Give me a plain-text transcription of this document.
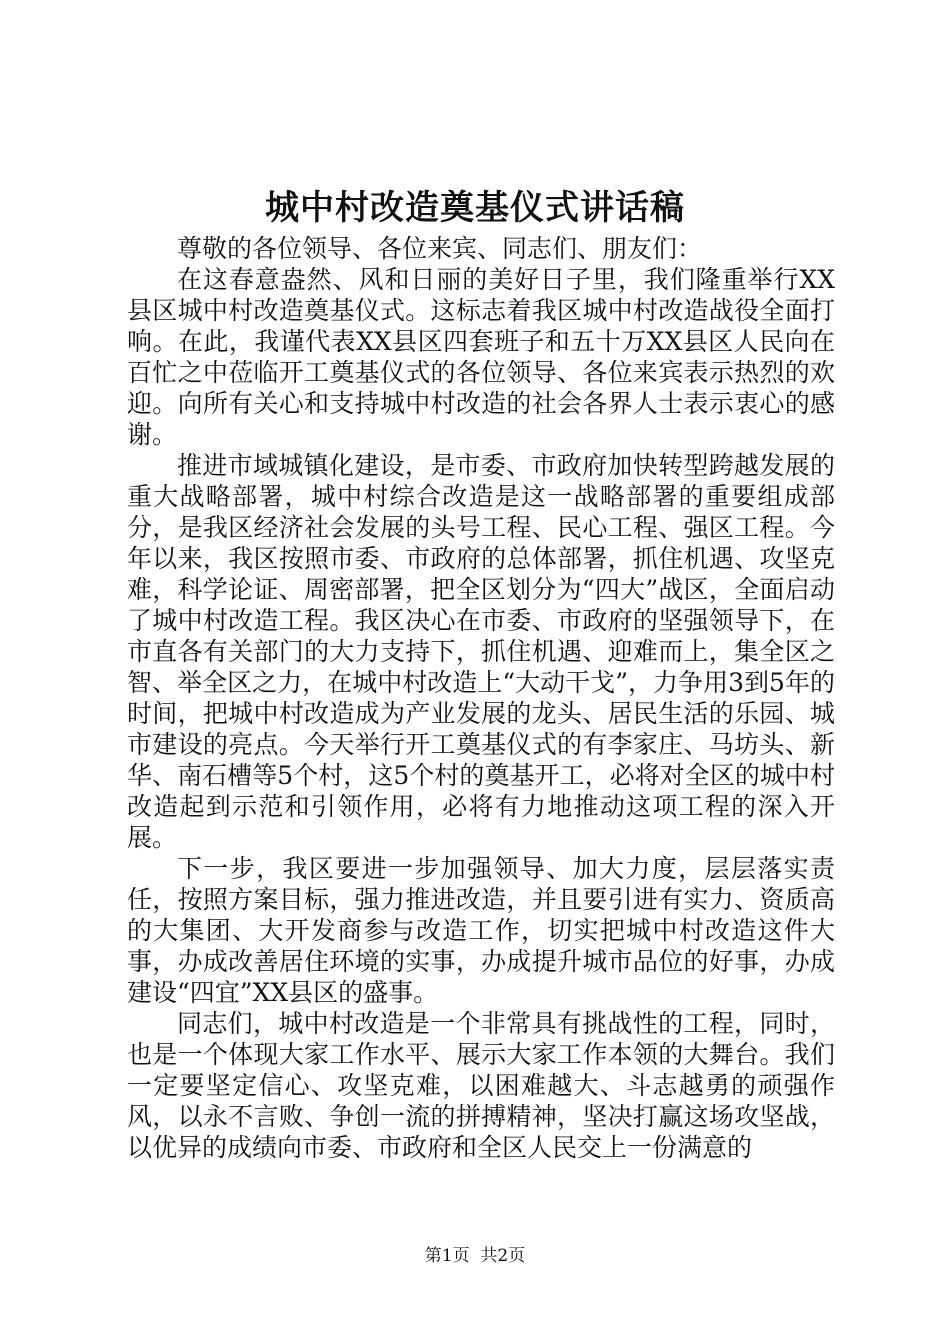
城中村改造奠基仪式讲话稿

尊敬的各位领导、各位来宾、同志们、朋友们：

在这春意盎然、风和日丽的美好日子里，我们隆重举行XX县区城中村改造奠基仪式。这标志着我区城中村改造战役全面打响。在此，我谨代表XX县区四套班子和五十万XX县区人民向在百忙之中莅临开工奠基仪式的各位领导、各位来宾表示热烈的欢迎。向所有关心和支持城中村改造的社会各界人士表示衷心的感谢。

推进市域城镇化建设，是市委、市政府加快转型跨越发展的重大战略部署，城中村综合改造是这一战略部署的重要组成部分，是我区经济社会发展的头号工程、民心工程、强区工程。今年以来，我区按照市委、市政府的总体部署，抓住机遇、攻坚克难，科学论证、周密部署，把全区划分为“四大”战区，全面启动了城中村改造工程。我区决心在市委、市政府的坚强领导下，在市直各有关部门的大力支持下，抓住机遇、迎难而上，集全区之智、举全区之力，在城中村改造上“大动干戈”，力争用3到5年的时间，把城中村改造成为产业发展的龙头、居民生活的乐园、城市建设的亮点。今天举行开工奠基仪式的有李家庄、马坊头、新华、南石槽等5个村，这5个村的奠基开工，必将对全区的城中村改造起到示范和引领作用，必将有力地推动这项工程的深入开展。

下一步，我区要进一步加强领导、加大力度，层层落实责任，按照方案目标，强力推进改造，并且要引进有实力、资质高的大集团、大开发商参与改造工作，切实把城中村改造这件大事，办成改善居住环境的实事，办成提升城市品位的好事，办成建设“四宜”XX县区的盛事。

同志们，城中村改造是一个非常具有挑战性的工程，同时，也是一个体现大家工作水平、展示大家工作本领的大舞台。我们一定要坚定信心、攻坚克难，以困难越大、斗志越勇的顽强作风，以永不言败、争创一流的拼搏精神，坚决打赢这场攻坚战，以优异的成绩向市委、市政府和全区人民交上一份满意的

第1页  共2页
